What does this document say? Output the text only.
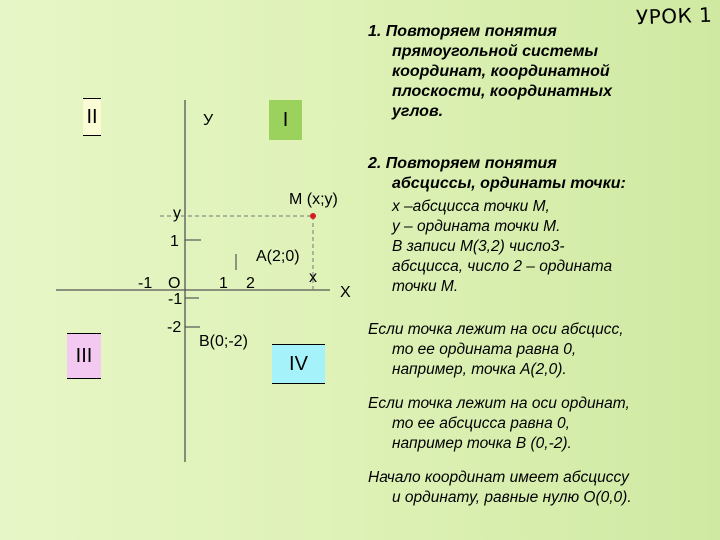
I
II
III	IV
У
Х
М (х;у)
у
х
1
А(2;0)
-1 О 1 2
-1
-2
В(0;-2)
УРОК 1
1. Повторяем понятия
прямоугольной системы
координат, координатной
плоскости, координатных
углов.
2. Повторяем понятия
абсциссы, ординаты точки:
х –абсцисса точки М,
у – ордината точки М.
В записи М(3,2) число3-
абсцисса, число 2 – ордината
точки М.
Если точка лежит на оси абсцисс,
то ее ордината равна 0,
например, точка А(2,0).
Если точка лежит на оси ординат,
то ее абсцисса равна 0,
например точка В (0,-2).
Начало координат имеет абсциссу
и ординату, равные нулю О(0,0).
